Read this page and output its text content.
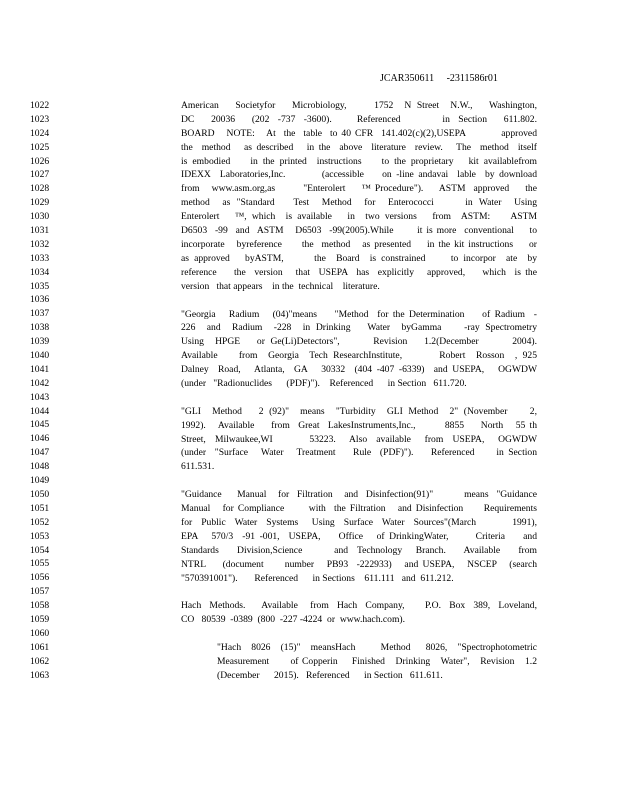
JCAR350611     -2311586r01
1022
1023
1024
1025
1026
1027
1028
1029
1030
1031
1032
1033
1034
1035
1036
1037
1038
1039
1040
1041
1042
1043
1044
1045
1046
1047
1048
1049
1050
1051
1052
1053
1054
1055
1056
1057
1058
1059
1060
1061
1062
1063
American   Societyfor   Microbiology,     1752  N Street  N.W.,   Washington,
DC  20036  (202 -737 -3600).   Referenced     in Section  611.802.
BOARD   NOTE:   At  the  table  to 40 CFR  141.402(c)(2),USEPA         approved
the  method   as described   in the  above  literature  review.   The  method  itself
is embodied    in the printed  instructions    to the proprietary   kit availablefrom
IDEXX  Laboratories,Inc.        (accessible    on -line andavai  lable  by download
from   www.asm.org,as       "Enterolert    ™ Procedure").    ASTM  approved    the
method  as "Standard   Test  Method  for  Enterococci     in Water  Using
Enterolert   ™, which  is available   in  two versions   from  ASTM:    ASTM
D6503  -99  and  ASTM   D6503  -99(2005).While      it is more  conventional    to
incorporate   byreference     the  method   as presented    in the kit instructions    or
as approved   byASTM,      the  Board  is constrained     to incorpor  ate  by
reference    the  version   that  USEPA  has  explicitly   approved,    which  is the
version   that appears    in the  technical    literature.
"Georgia   Radium   (04)"means    "Method  for the Determination    of Radium  -
226  and  Radium  -228  in Drinking   Water  byGamma    -ray Spectrometry
Using  HPGE   or Ge(Li)Detectors",      Revision   1.2(December      2004).
Available    from  Georgia  Tech ResearchInstitute,       Robert  Rosson  , 925
Dalney  Road,   Atlanta,  GA   30332  (404 -407 -6339)  and USEPA,   OGWDW
(under   "Radionuclides      (PDF)").    Referenced      in Section   611.720.
"GLI  Method   2 (92)"  means  "Turbidity  GLI Method  2" (November    2,
1992).   Available    from  Great  LakesInstruments,Inc.,       8855    North   55 th
Street,  Milwaukee,WI        53223.   Also  available   from  USEPA,   OGWDW
(under  "Surface   Water   Treatment    Rule  (PDF)").    Referenced     in Section
611.531.
"Guidance    Manual   for  Filtration   and  Disinfection(91)"        means  "Guidance
Manual   for Compliance      with  the Filtration   and Disinfection     Requirements
for  Public  Water  Systems   Using  Surface  Water  Sources"(March        1991),
EPA   570/3  -91 -001,  USEPA,    Office   of DrinkingWater,      Criteria    and
Standards    Division,Science       and  Technology   Branch.    Available    from
NTRL    (document     number   PB93  -222933)   and USEPA,   NSCEP   (search
"570391001").       Referenced      in Sections    611.111   and  611.212.
Hach  Methods.    Available   from  Hach  Company,     P.O.  Box  389,  Loveland,
CO   80539  -0389  (800  -227 -4224  or  www.hach.com).
"Hach  8026  (15)"  meansHach     Method   8026,  "Spectrophotometric
Measurement      of Copperin    Finished   Drinking   Water",   Revision   1.2
(December      2015).   Referenced      in Section   611.611.
